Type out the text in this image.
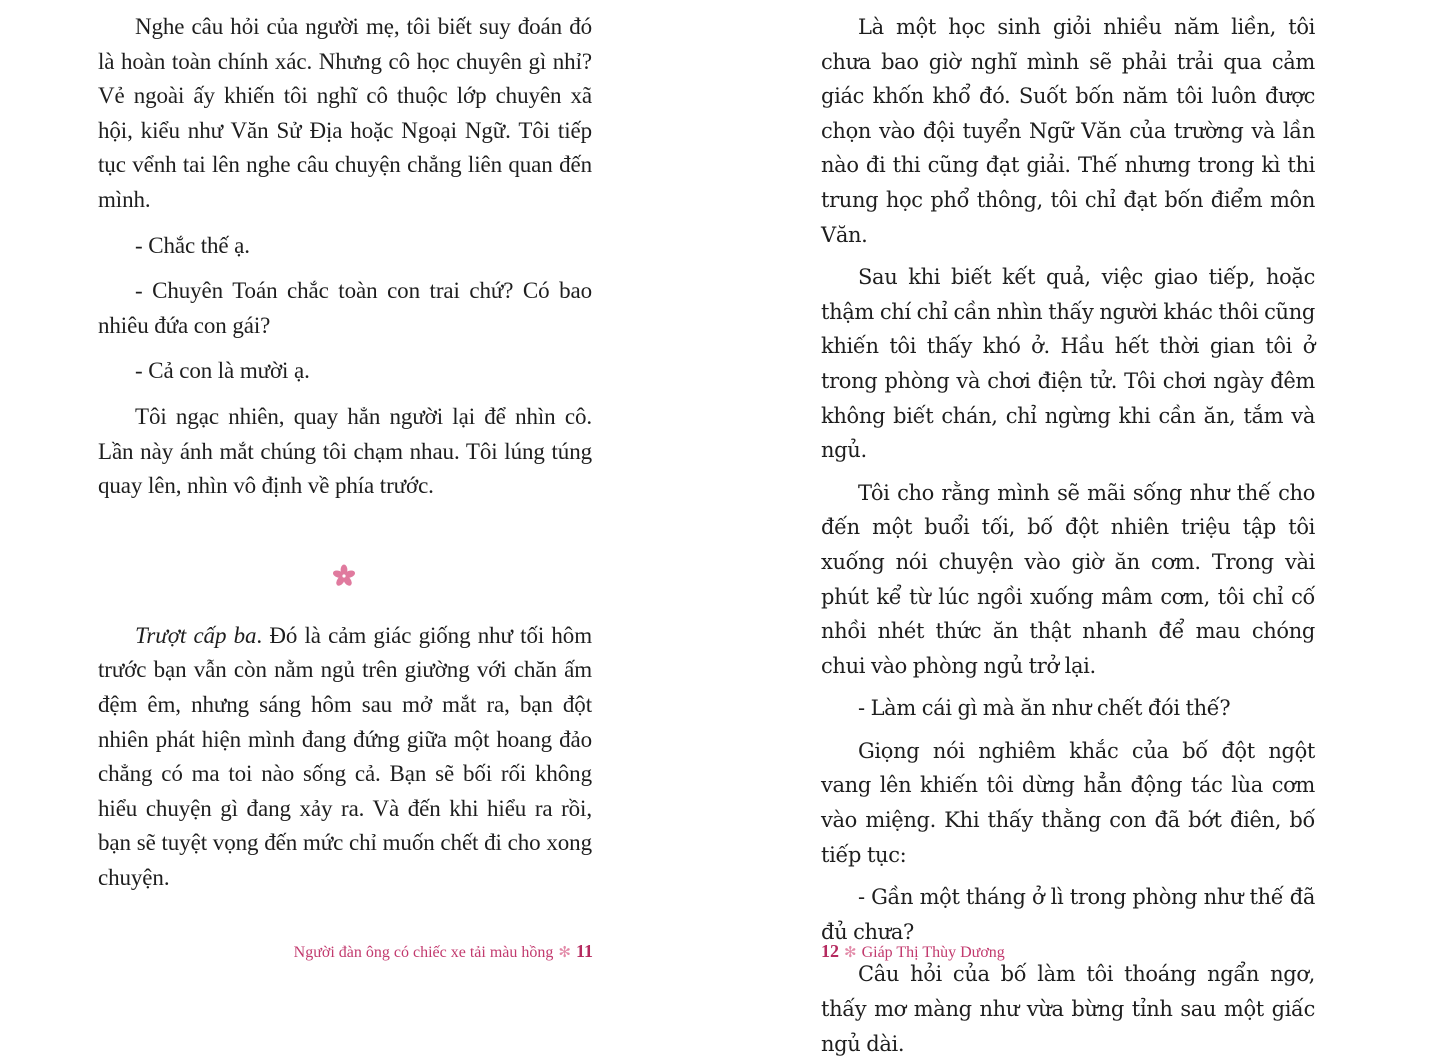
Nghe câu hỏi của người mẹ, tôi biết suy đoán đó là hoàn toàn chính xác. Nhưng cô học chuyên gì nhỉ? Vẻ ngoài ấy khiến tôi nghĩ cô thuộc lớp chuyên xã hội, kiểu như Văn Sử Địa hoặc Ngoại Ngữ. Tôi tiếp tục vểnh tai lên nghe câu chuyện chẳng liên quan đến mình.

- Chắc thế ạ.

- Chuyên Toán chắc toàn con trai chứ? Có bao nhiêu đứa con gái?

- Cả con là mười ạ.

Tôi ngạc nhiên, quay hẳn người lại để nhìn cô. Lần này ánh mắt chúng tôi chạm nhau. Tôi lúng túng quay lên, nhìn vô định về phía trước.

Trượt cấp ba. Đó là cảm giác giống như tối hôm trước bạn vẫn còn nằm ngủ trên giường với chăn ấm đệm êm, nhưng sáng hôm sau mở mắt ra, bạn đột nhiên phát hiện mình đang đứng giữa một hoang đảo chẳng có ma toi nào sống cả. Bạn sẽ bối rối không hiểu chuyện gì đang xảy ra. Và đến khi hiểu ra rồi, bạn sẽ tuyệt vọng đến mức chỉ muốn chết đi cho xong chuyện.

Là một học sinh giỏi nhiều năm liền, tôi chưa bao giờ nghĩ mình sẽ phải trải qua cảm giác khốn khổ đó. Suốt bốn năm tôi luôn được chọn vào đội tuyển Ngữ Văn của trường và lần nào đi thi cũng đạt giải. Thế nhưng trong kì thi trung học phổ thông, tôi chỉ đạt bốn điểm môn Văn.

Sau khi biết kết quả, việc giao tiếp, hoặc thậm chí chỉ cần nhìn thấy người khác thôi cũng khiến tôi thấy khó ở. Hầu hết thời gian tôi ở trong phòng và chơi điện tử. Tôi chơi ngày đêm không biết chán, chỉ ngừng khi cần ăn, tắm và ngủ.

Tôi cho rằng mình sẽ mãi sống như thế cho đến một buổi tối, bố đột nhiên triệu tập tôi xuống nói chuyện vào giờ ăn cơm. Trong vài phút kể từ lúc ngồi xuống mâm cơm, tôi chỉ cố nhồi nhét thức ăn thật nhanh để mau chóng chui vào phòng ngủ trở lại.

- Làm cái gì mà ăn như chết đói thế?

Giọng nói nghiêm khắc của bố đột ngột vang lên khiến tôi dừng hẳn động tác lùa cơm vào miệng. Khi thấy thằng con đã bớt điên, bố tiếp tục:

- Gần một tháng ở lì trong phòng như thế đã đủ chưa?

Câu hỏi của bố làm tôi thoáng ngẩn ngơ, thấy mơ màng như vừa bừng tỉnh sau một giấc ngủ dài.

Người đàn ông có chiếc xe tải màu hồng ✻ 11	12 ✻ Giáp Thị Thùy Dương
